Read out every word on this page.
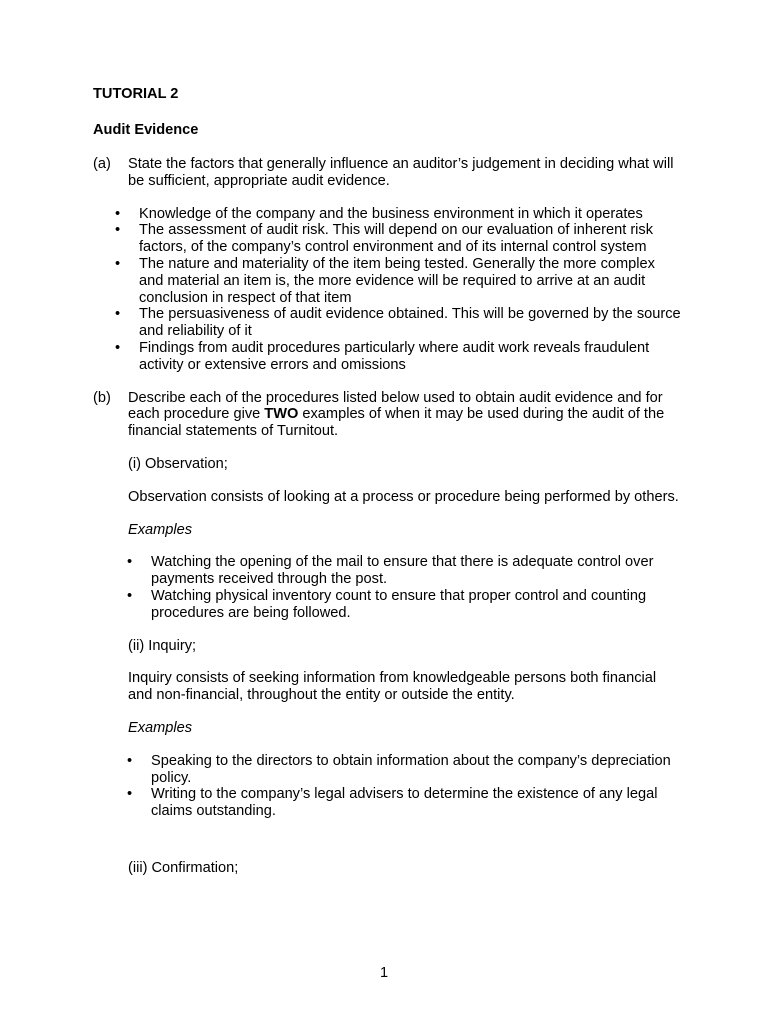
TUTORIAL 2
Audit Evidence
(a)	State the factors that generally influence an auditor’s judgement in deciding what will be sufficient, appropriate audit evidence.
• Knowledge of the company and the business environment in which it operates
• The assessment of audit risk. This will depend on our evaluation of inherent risk factors, of the company’s control environment and of its internal control system
• The nature and materiality of the item being tested. Generally the more complex and material an item is, the more evidence will be required to arrive at an audit conclusion in respect of that item
• The persuasiveness of audit evidence obtained. This will be governed by the source and reliability of it
• Findings from audit procedures particularly where audit work reveals fraudulent activity or extensive errors and omissions
(b)	Describe each of the procedures listed below used to obtain audit evidence and for each procedure give TWO examples of when it may be used during the audit of the financial statements of Turnitout.
(i) Observation;
Observation consists of looking at a process or procedure being performed by others.
Examples
• Watching the opening of the mail to ensure that there is adequate control over payments received through the post.
• Watching physical inventory count to ensure that proper control and counting procedures are being followed.
(ii) Inquiry;
Inquiry consists of seeking information from knowledgeable persons both financial and non-financial, throughout the entity or outside the entity.
Examples
• Speaking to the directors to obtain information about the company’s depreciation policy.
• Writing to the company’s legal advisers to determine the existence of any legal claims outstanding.
(iii) Confirmation;
1
